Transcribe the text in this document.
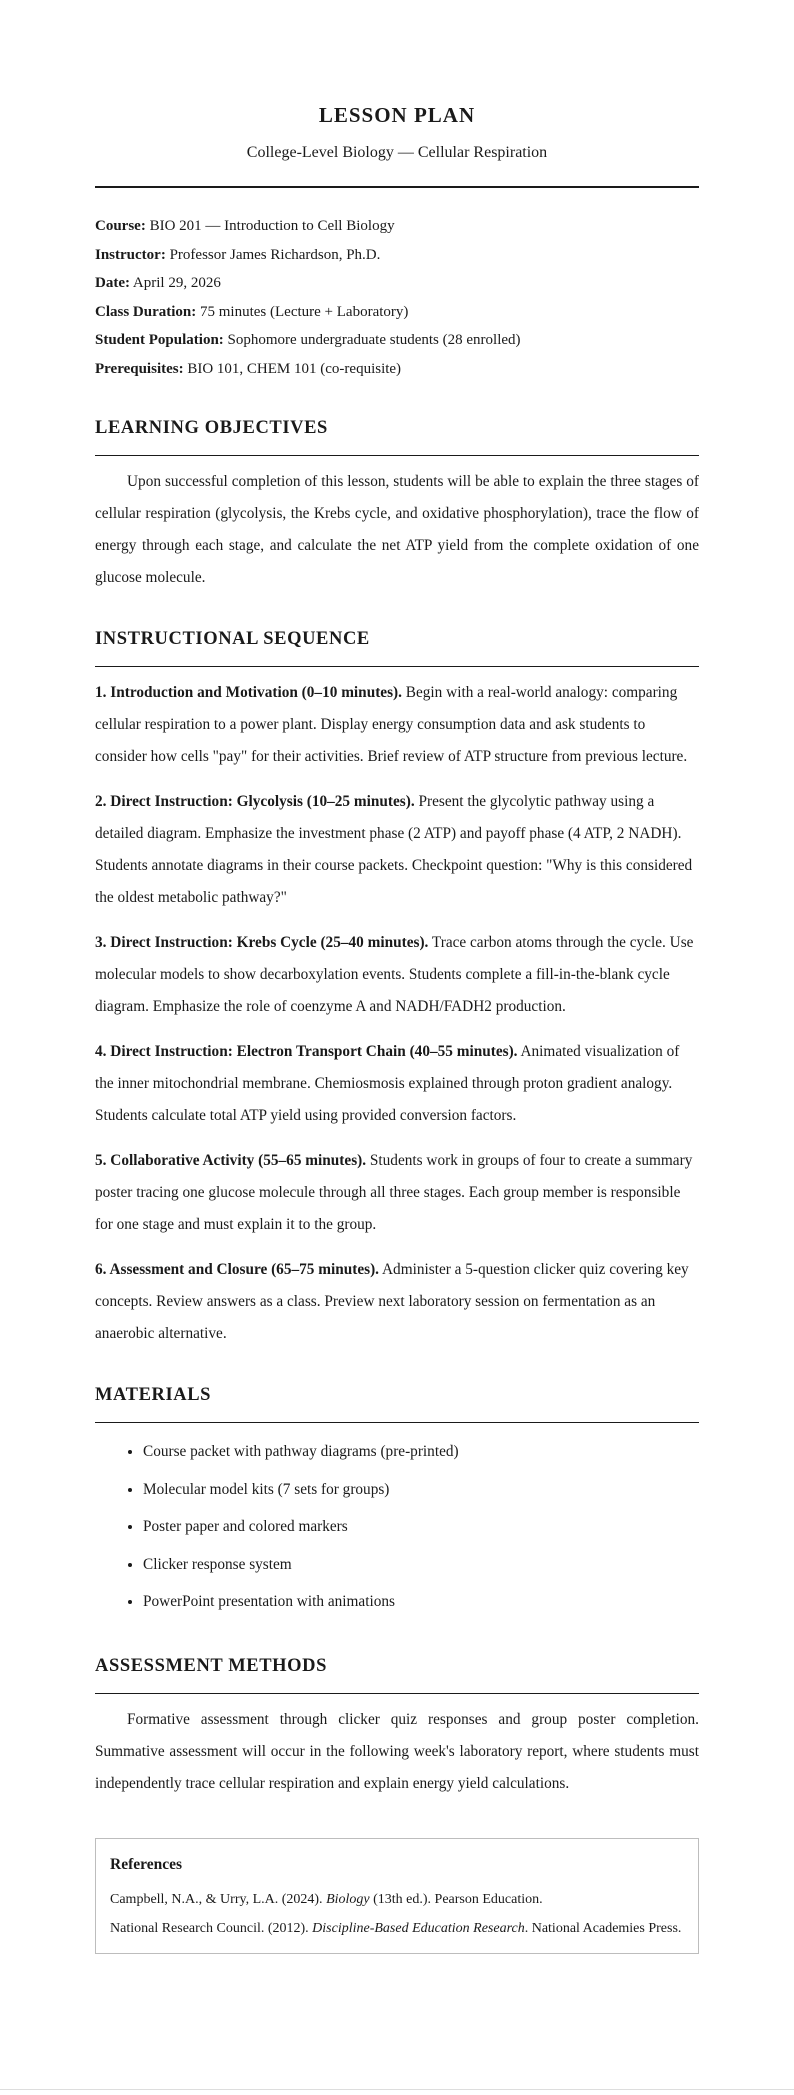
LESSON PLAN

College-Level Biology — Cellular Respiration

Course: BIO 201 — Introduction to Cell Biology
Instructor: Professor James Richardson, Ph.D.
Date: April 29, 2026
Class Duration: 75 minutes (Lecture + Laboratory)
Student Population: Sophomore undergraduate students (28 enrolled)
Prerequisites: BIO 101, CHEM 101 (co-requisite)
LEARNING OBJECTIVES

Upon successful completion of this lesson, students will be able to explain the three stages of cellular respiration (glycolysis, the Krebs cycle, and oxidative phosphorylation), trace the flow of energy through each stage, and calculate the net ATP yield from the complete oxidation of one glucose molecule.

INSTRUCTIONAL SEQUENCE

1. Introduction and Motivation (0–10 minutes). Begin with a real-world analogy: comparing cellular respiration to a power plant. Display energy consumption data and ask students to consider how cells "pay" for their activities. Brief review of ATP structure from previous lecture.

2. Direct Instruction: Glycolysis (10–25 minutes). Present the glycolytic pathway using a detailed diagram. Emphasize the investment phase (2 ATP) and payoff phase (4 ATP, 2 NADH). Students annotate diagrams in their course packets. Checkpoint question: "Why is this considered the oldest metabolic pathway?"

3. Direct Instruction: Krebs Cycle (25–40 minutes). Trace carbon atoms through the cycle. Use molecular models to show decarboxylation events. Students complete a fill-in-the-blank cycle diagram. Emphasize the role of coenzyme A and NADH/FADH2 production.

4. Direct Instruction: Electron Transport Chain (40–55 minutes). Animated visualization of the inner mitochondrial membrane. Chemiosmosis explained through proton gradient analogy. Students calculate total ATP yield using provided conversion factors.

5. Collaborative Activity (55–65 minutes). Students work in groups of four to create a summary poster tracing one glucose molecule through all three stages. Each group member is responsible for one stage and must explain it to the group.

6. Assessment and Closure (65–75 minutes). Administer a 5-question clicker quiz covering key concepts. Review answers as a class. Preview next laboratory session on fermentation as an anaerobic alternative.

MATERIALS
• Course packet with pathway diagrams (pre-printed)
• Molecular model kits (7 sets for groups)
• Poster paper and colored markers
• Clicker response system
• PowerPoint presentation with animations
ASSESSMENT METHODS

Formative assessment through clicker quiz responses and group poster completion. Summative assessment will occur in the following week's laboratory report, where students must independently trace cellular respiration and explain energy yield calculations.

References

Campbell, N.A., & Urry, L.A. (2024). Biology (13th ed.). Pearson Education.

National Research Council. (2012). Discipline-Based Education Research. National Academies Press.
